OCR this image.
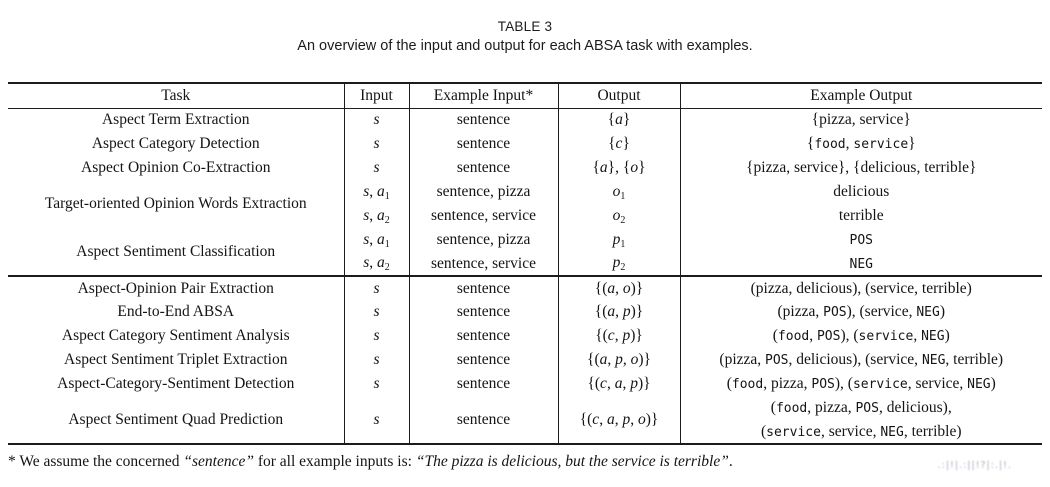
TABLE 3
An overview of the input and output for each ABSA task with examples.
Task	Input	Example Input*	Output	Example Output
Aspect Term Extraction	s	sentence	{a}	{pizza, service}
Aspect Category Detection	s	sentence	{c}	{food, service}
Aspect Opinion Co-Extraction	s	sentence	{a}, {o}	{pizza, service}, {delicious, terrible}
Target-oriented Opinion Words Extraction	s, $a_1$	sentence, pizza	$o_1$	delicious
	s, $a_2$	sentence, service	$o_2$	terrible
Aspect Sentiment Classification	s, $a_1$	sentence, pizza	$p_1$	POS
	s, $a_2$	sentence, service	$p_2$	NEG
Aspect-Opinion Pair Extraction	s	sentence	{(a, o)}	(pizza, delicious), (service, terrible)
End-to-End ABSA	s	sentence	{(a, p)}	(pizza, POS), (service, NEG)
Aspect Category Sentiment Analysis	s	sentence	{(c, p)}	(food, POS), (service, NEG)
Aspect Sentiment Triplet Extraction	s	sentence	{(a, p, o)}	(pizza, POS, delicious), (service, NEG, terrible)
Aspect-Category-Sentiment Detection	s	sentence	{(c, a, p)}	(food, pizza, POS), (service, service, NEG)
Aspect Sentiment Quad Prediction	s	sentence	{(c, a, p, o)}	(food, pizza, POS, delicious),
				(service, service, NEG, terrible)
* We assume the concerned “sentence” for all example inputs is: “The pizza is delicious, but the service is terrible”.	.:|!|.:||!?|:.|!.
